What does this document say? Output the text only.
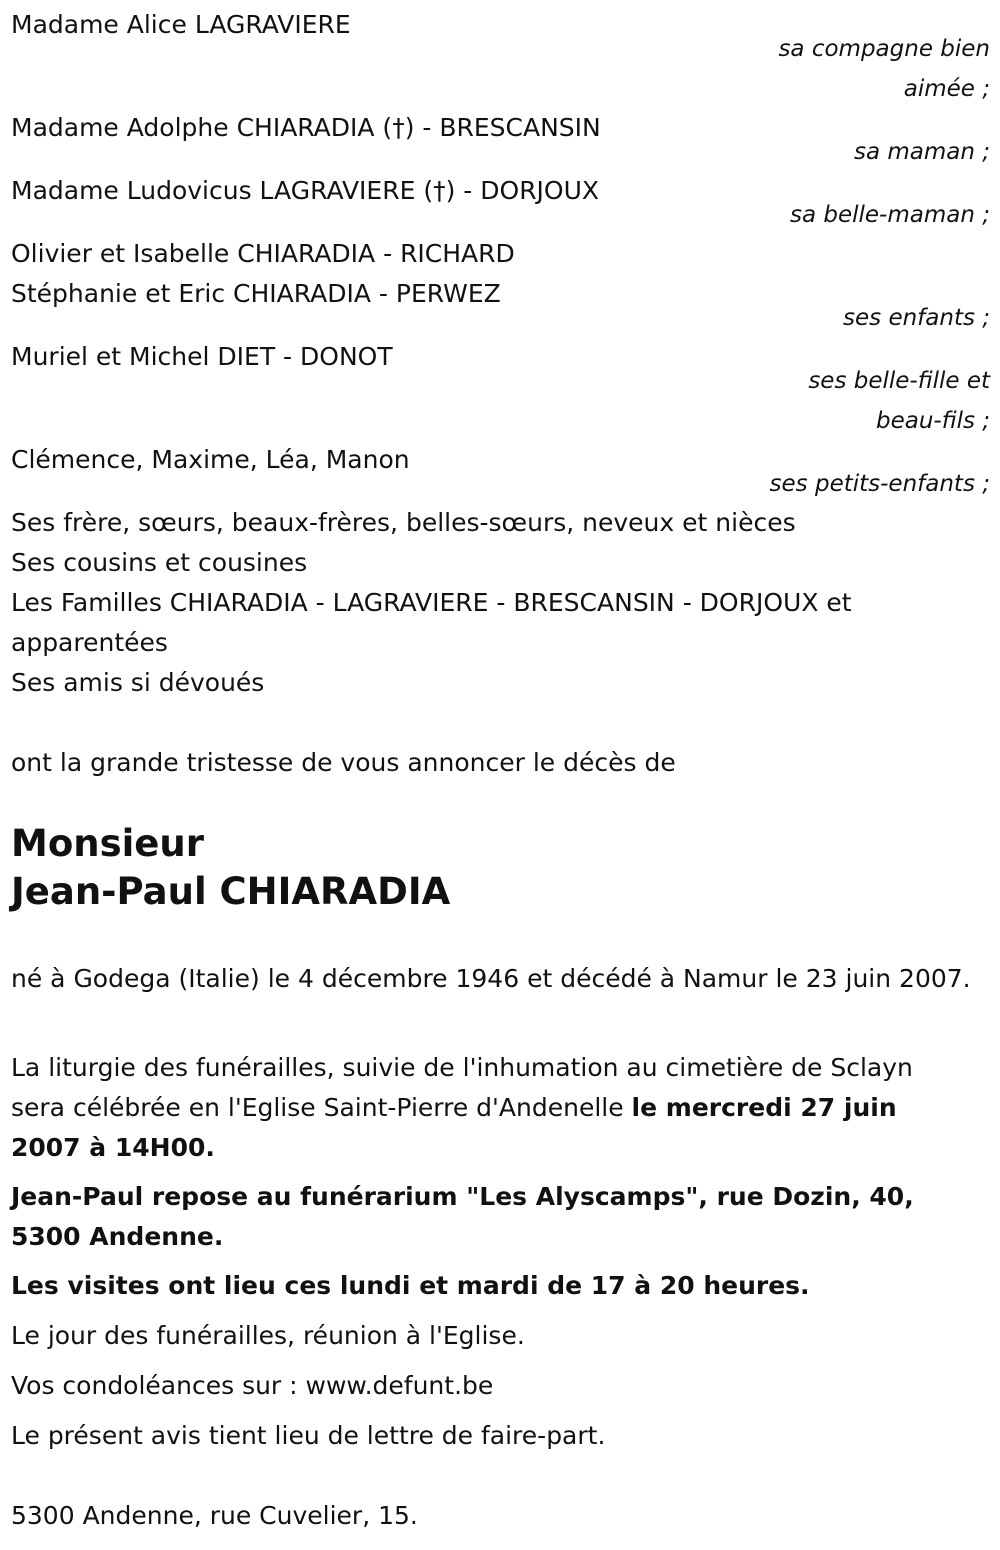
Madame Alice LAGRAVIERE

sa compagne bien

aimée ;

Madame Adolphe CHIARADIA (†) - BRESCANSIN

sa maman ;

Madame Ludovicus LAGRAVIERE (†) - DORJOUX

sa belle-maman ;

Olivier et Isabelle CHIARADIA - RICHARD

Stéphanie et Eric CHIARADIA - PERWEZ

ses enfants ;

Muriel et Michel DIET - DONOT

ses belle-fille et

beau-fils ;

Clémence, Maxime, Léa, Manon

ses petits-enfants ;

Ses frère, sœurs, beaux-frères, belles-sœurs, neveux et nièces

Ses cousins et cousines

Les Familles CHIARADIA - LAGRAVIERE - BRESCANSIN - DORJOUX et

apparentées

Ses amis si dévoués

ont la grande tristesse de vous annoncer le décès de

Monsieur

Jean-Paul CHIARADIA

né à Godega (Italie) le 4 décembre 1946 et décédé à Namur le 23 juin 2007.

La liturgie des funérailles, suivie de l'inhumation au cimetière de Sclayn sera célébrée en l'Eglise Saint-Pierre d'Andenelle le mercredi 27 juin 2007 à 14H00.

Jean-Paul repose au funérarium "Les Alyscamps", rue Dozin, 40, 5300 Andenne.

Les visites ont lieu ces lundi et mardi de 17 à 20 heures.

Le jour des funérailles, réunion à l'Eglise.

Vos condoléances sur : www.defunt.be

Le présent avis tient lieu de lettre de faire-part.

5300 Andenne, rue Cuvelier, 15.
